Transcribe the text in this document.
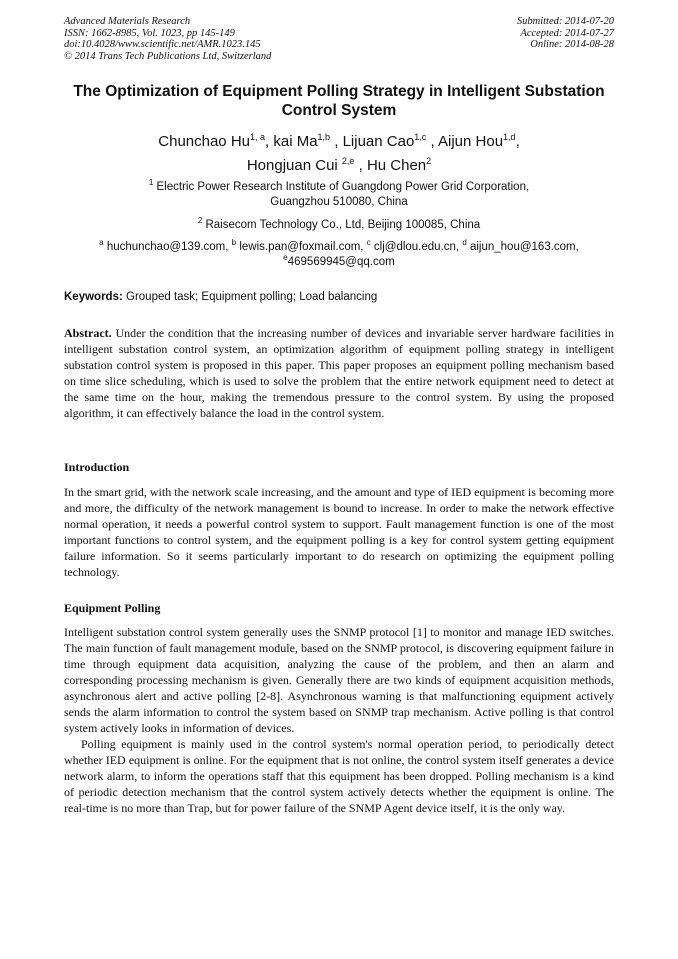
Advanced Materials Research
ISSN: 1662-8985, Vol. 1023, pp 145-149
doi:10.4028/www.scientific.net/AMR.1023.145
© 2014 Trans Tech Publications Ltd, Switzerland
Submitted: 2014-07-20
Accepted: 2014-07-27
Online: 2014-08-28
The Optimization of Equipment Polling Strategy in Intelligent Substation Control System
Chunchao Hu$^{1, a}$, kai Ma$^{1,b}$ , Lijuan Cao$^{1,c}$ , Aijun Hou$^{1,d}$,
Hongjuan Cui $^{2,e}$ , Hu Chen$^2$
$^1$ Electric Power Research Institute of Guangdong Power Grid Corporation,
Guangzhou 510080, China
$^2$ Raisecom Technology Co., Ltd, Beijing 100085, China
$^a$ huchunchao@139.com, $^b$ lewis.pan@foxmail.com, $^c$ clj@dlou.edu.cn, $^d$ aijun_hou@163.com,
$^e$469569945@qq.com
Keywords: Grouped task; Equipment polling; Load balancing

Abstract. Under the condition that the increasing number of devices and invariable server hardware facilities in intelligent substation control system, an optimization algorithm of equipment polling strategy in intelligent substation control system is proposed in this paper. This paper proposes an equipment polling mechanism based on time slice scheduling, which is used to solve the problem that the entire network equipment need to detect at the same time on the hour, making the tremendous pressure to the control system. By using the proposed algorithm, it can effectively balance the load in the control system.

Introduction

In the smart grid, with the network scale increasing, and the amount and type of IED equipment is becoming more and more, the difficulty of the network management is bound to increase. In order to make the network effective normal operation, it needs a powerful control system to support. Fault management function is one of the most important functions to control system, and the equipment polling is a key for control system getting equipment failure information. So it seems particularly important to do research on optimizing the equipment polling technology.

Equipment Polling

Intelligent substation control system generally uses the SNMP protocol [1] to monitor and manage IED switches. The main function of fault management module, based on the SNMP protocol, is discovering equipment failure in time through equipment data acquisition, analyzing the cause of the problem, and then an alarm and corresponding processing mechanism is given. Generally there are two kinds of equipment acquisition methods, asynchronous alert and active polling [2-8]. Asynchronous warning is that malfunctioning equipment actively sends the alarm information to control the system based on SNMP trap mechanism. Active polling is that control system actively looks in information of devices.

Polling equipment is mainly used in the control system's normal operation period, to periodically detect whether IED equipment is online. For the equipment that is not online, the control system itself generates a device network alarm, to inform the operations staff that this equipment has been dropped. Polling mechanism is a kind of periodic detection mechanism that the control system actively detects whether the equipment is online. The real-time is no more than Trap, but for power failure of the SNMP Agent device itself, it is the only way.
